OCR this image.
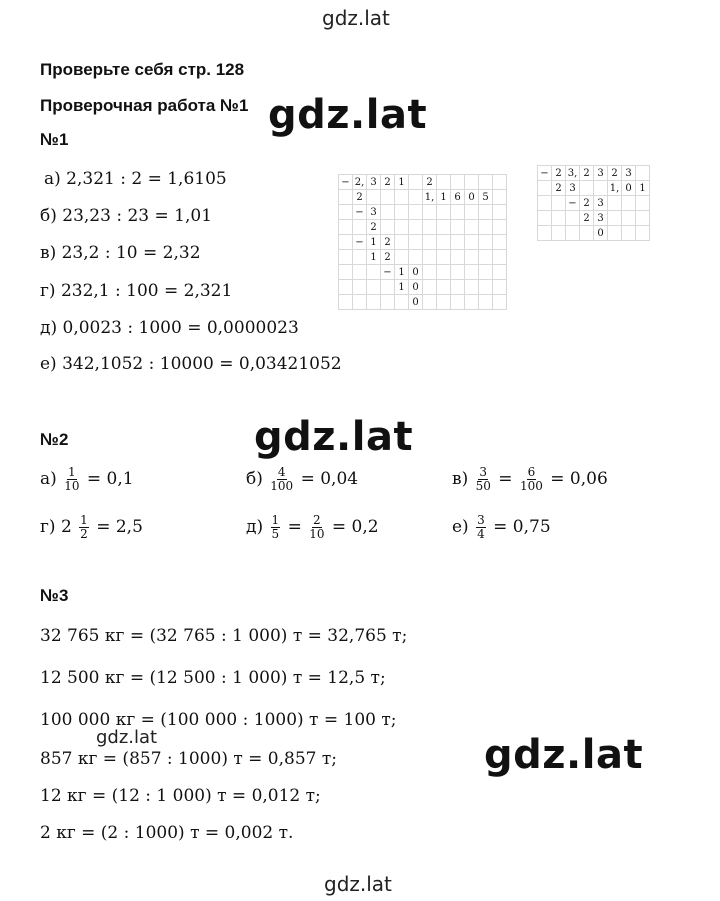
gdz.lat
gdz.lat
gdz.lat
gdz.lat	gdz.lat
gdz.lat
Проверьте себя стр. 128
Проверочная работа №1
№1
а) 2,321 : 2 = 1,6105
б) 23,23 : 23 = 1,01
в) 23,2 : 10 = 2,32
г) 232,1 : 100 = 2,321
д) 0,0023 : 1000 = 0,0000023
е) 342,1052 : 10000 = 0,03421052
−	2,	3	2	1		2					
	2					1,	1	6	0	5	
	−	3									
		2									
	−	1	2								
		1	2								
			−	1	0						
				1	0						
					0						
−	2	3,	2	3	2	3	
	2	3			1,	0	1
		−	2	3			
			2	3			
				0			
№2
$а) \frac{1}{10} = 0,1$	$б) \frac{4}{100} = 0,04$	$в) \frac{3}{50} = \frac{6}{100} = 0,06$
г) $2 \frac{1}{2} = 2,5$	$д) \frac{1}{5} = \frac{2}{10} = 0,2$	$е) \frac{3}{4} = 0,75$
№3
32 765 кг = (32 765 : 1 000) т = 32,765 т;
12 500 кг = (12 500 : 1 000) т = 12,5 т;
100 000 кг = (100 000 : 1000) т = 100 т;
857 кг = (857 : 1000) т = 0,857 т;
12 кг = (12 : 1 000) т = 0,012 т;
2 кг = (2 : 1000) т = 0,002 т.
